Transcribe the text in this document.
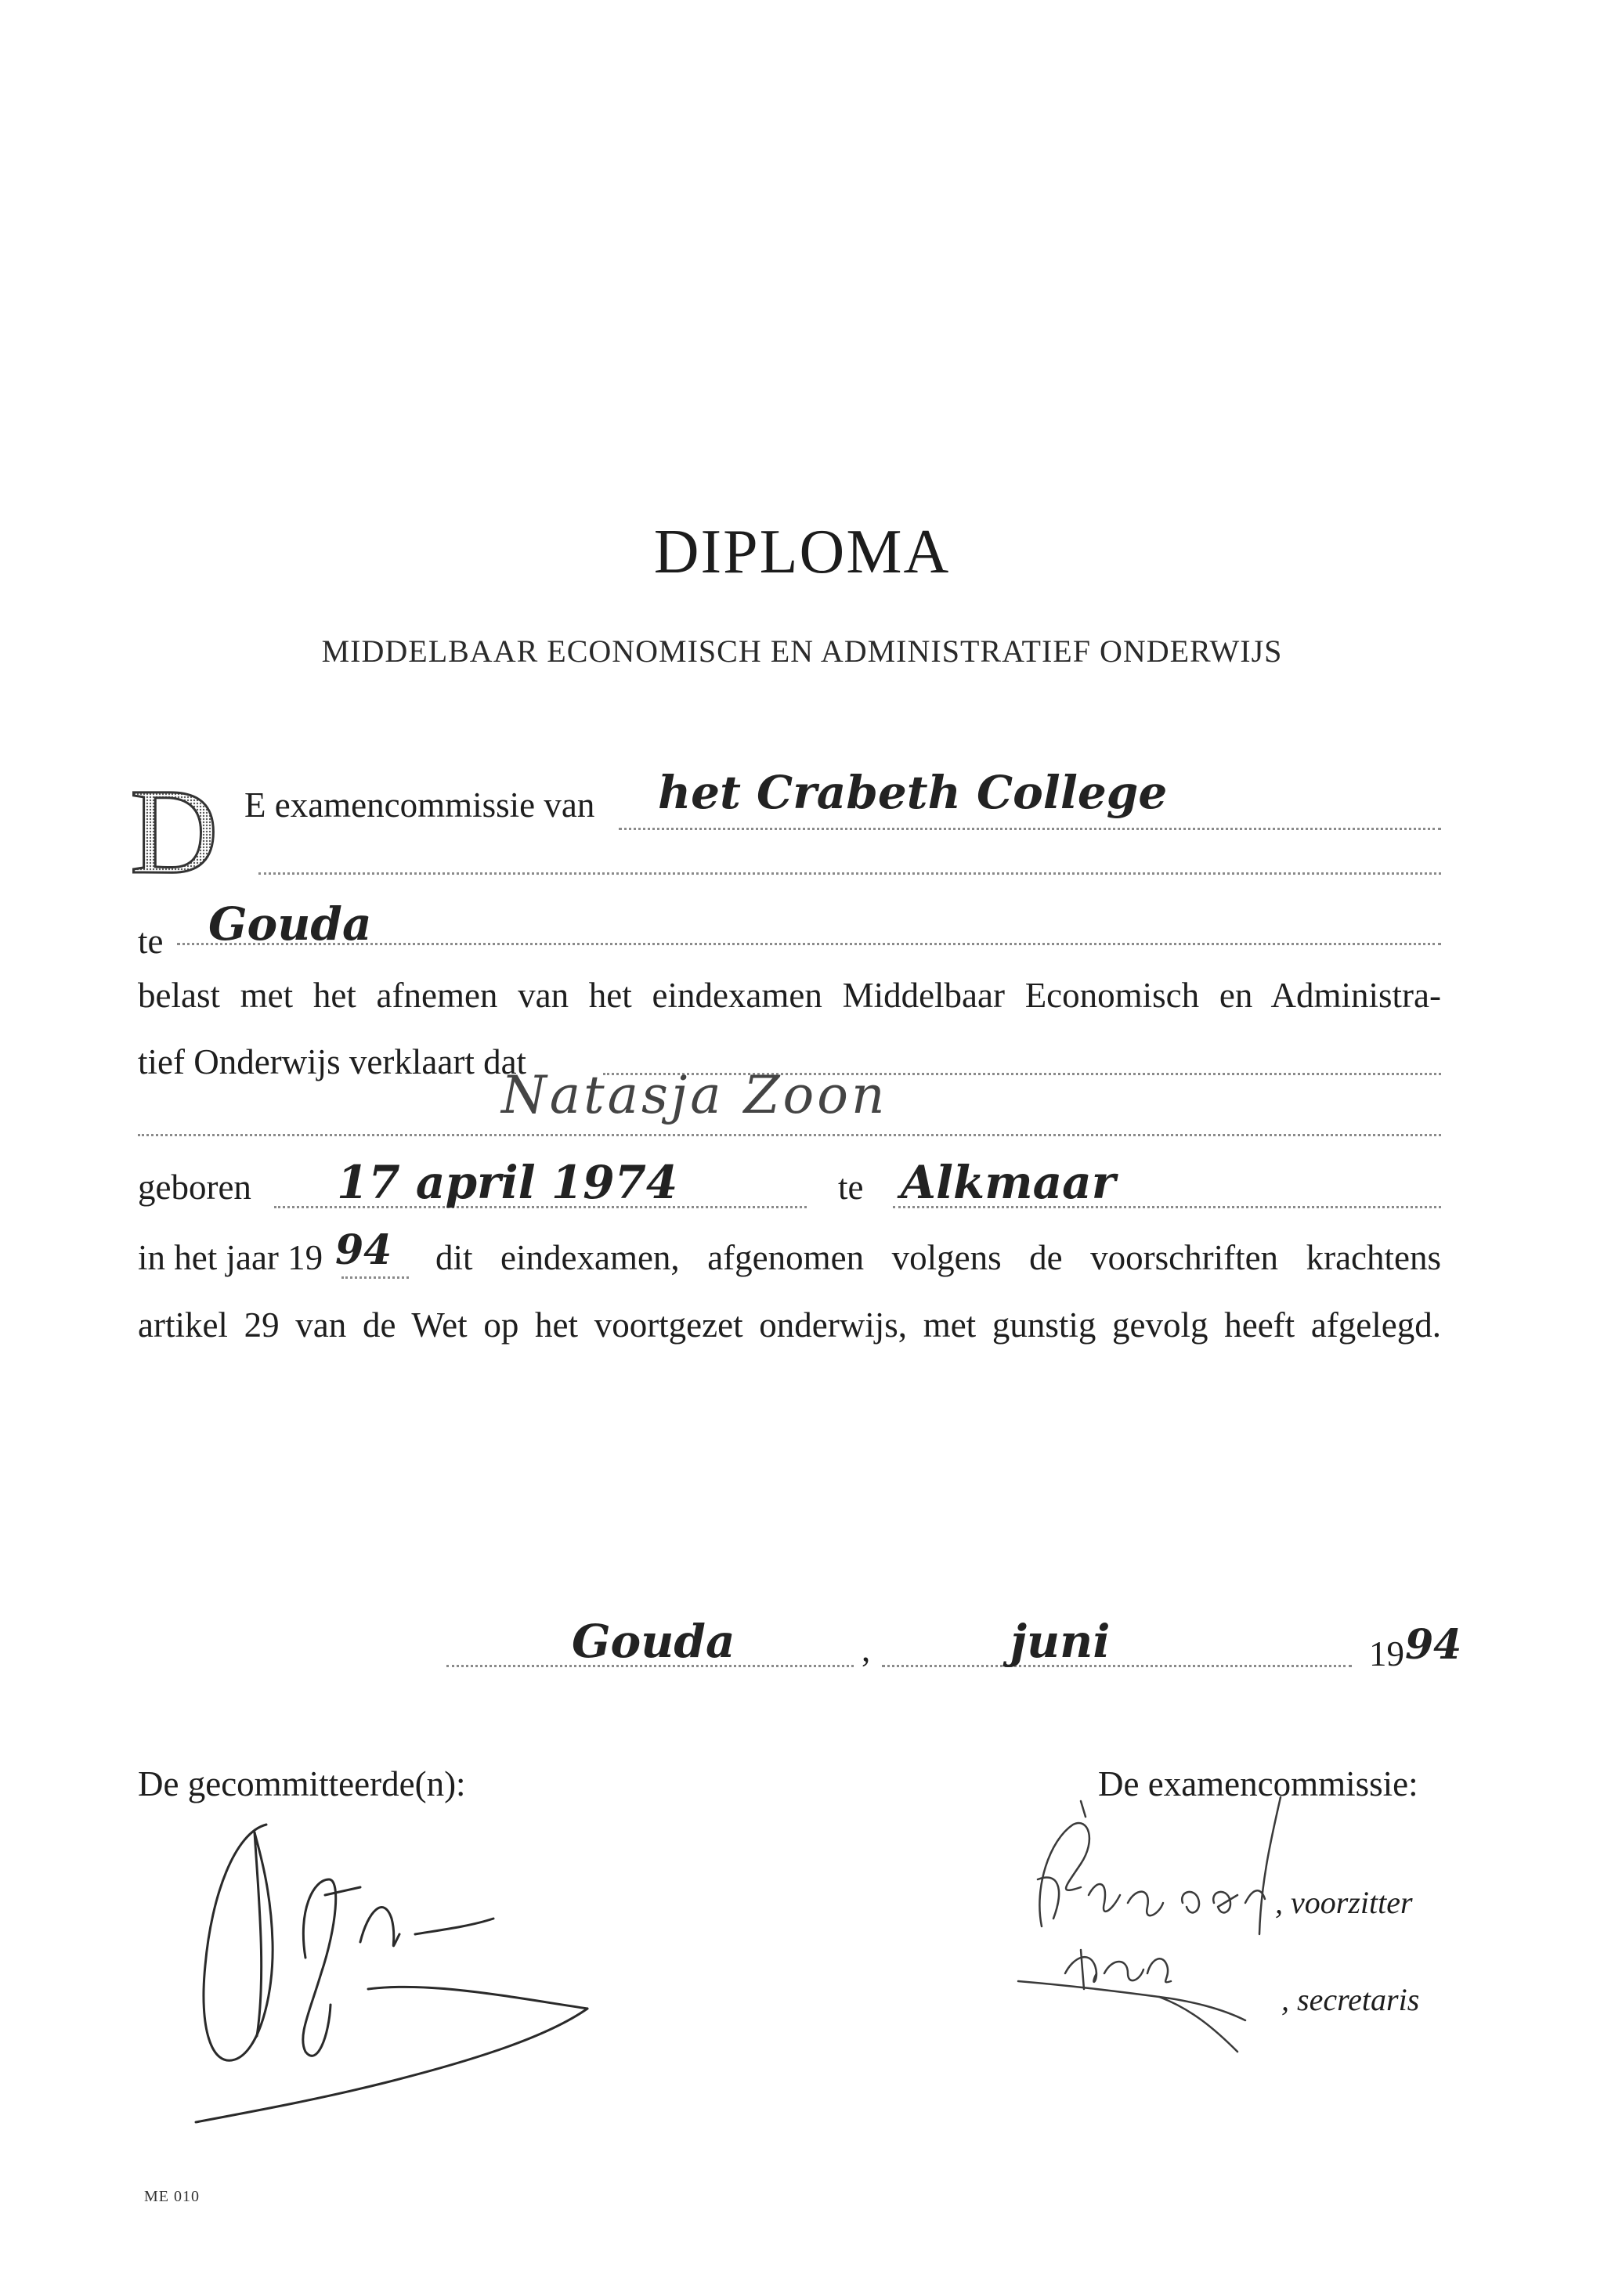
DIPLOMA
MIDDELBAAR ECONOMISCH EN ADMINISTRATIEF ONDERWIJS
D E examencommissie van het Crabeth College
te Gouda
belast met het afnemen van het eindexamen Middelbaar Economisch en Administra-
tief Onderwijs verklaart dat
Natasja Zoon
geboren 17 april 1974	te Alkmaar
in het jaar 19 94 dit eindexamen, afgenomen volgens de voorschriften krachtens
artikel 29 van de Wet op het voortgezet onderwijs, met gunstig gevolg heeft afgelegd.
Gouda	,	juni	19 94
De gecommitteerde(n):	De examencommissie:
, voorzitter
, secretaris
ME 010
